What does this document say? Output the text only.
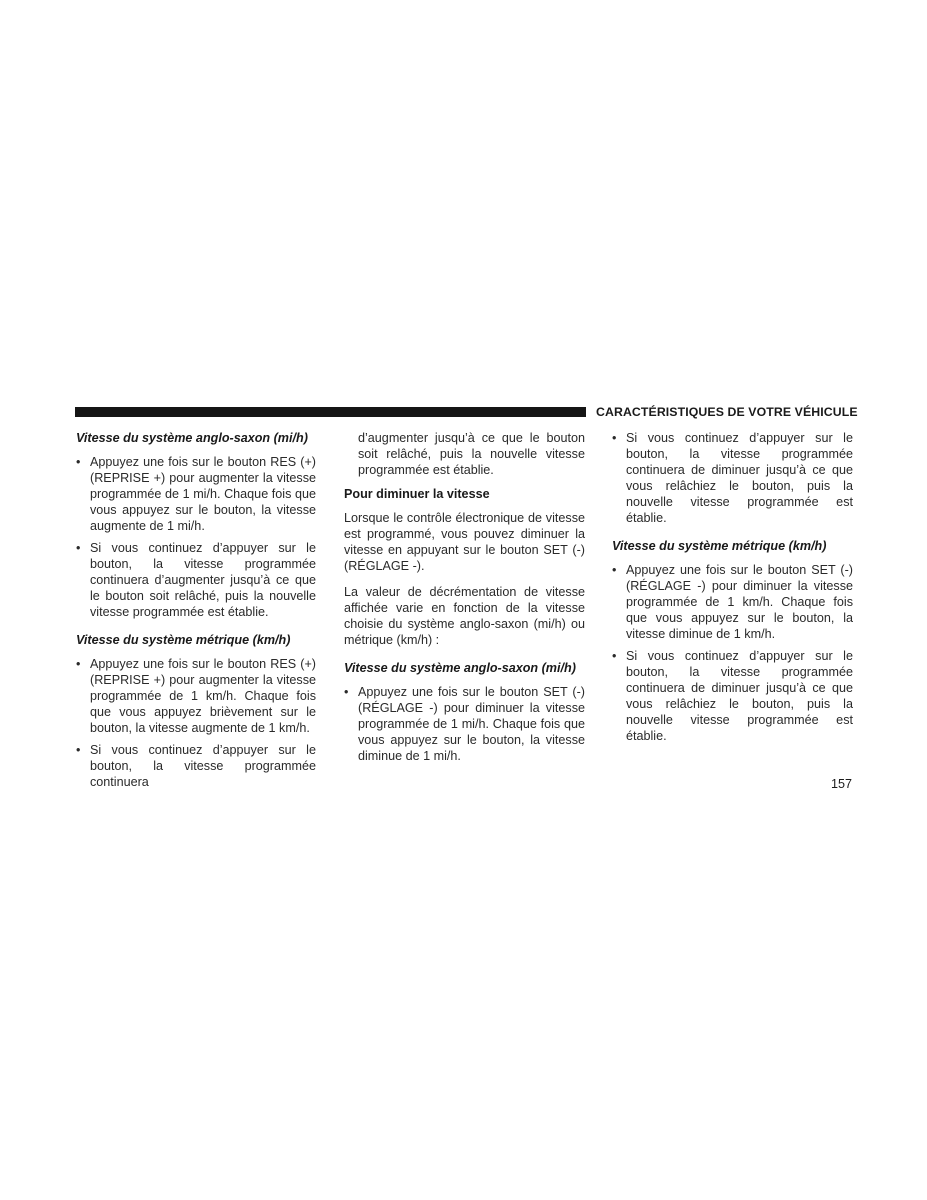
CARACTÉRISTIQUES DE VOTRE VÉHICULE
Vitesse du système anglo-saxon (mi/h)
• Appuyez une fois sur le bouton RES (+) (REPRISE +) pour augmenter la vitesse programmée de 1 mi/h. Chaque fois que vous appuyez sur le bouton, la vitesse augmente de 1 mi/h.
• Si vous continuez d’appuyer sur le bouton, la vitesse programmée continuera d’augmenter jusqu’à ce que le bouton soit relâché, puis la nouvelle vitesse programmée est établie.
Vitesse du système métrique (km/h)
• Appuyez une fois sur le bouton RES (+) (REPRISE +) pour augmenter la vitesse programmée de 1 km/h. Chaque fois que vous appuyez brièvement sur le bouton, la vitesse augmente de 1 km/h.
• Si vous continuez d’appuyer sur le bouton, la vitesse programmée continuera
d’augmenter jusqu’à ce que le bouton soit relâché, puis la nouvelle vitesse programmée est établie.
Pour diminuer la vitesse
Lorsque le contrôle électronique de vitesse est programmé, vous pouvez diminuer la vitesse en appuyant sur le bouton SET (-) (RÉGLAGE -).
La valeur de décrémentation de vitesse affichée varie en fonction de la vitesse choisie du système anglo-saxon (mi/h) ou métrique (km/h) :
Vitesse du système anglo-saxon (mi/h)
• Appuyez une fois sur le bouton SET (-) (RÉGLAGE -) pour diminuer la vitesse programmée de 1 mi/h. Chaque fois que vous appuyez sur le bouton, la vitesse diminue de 1 mi/h.
• Si vous continuez d’appuyer sur le bouton, la vitesse programmée continuera de diminuer jusqu’à ce que vous relâchiez le bouton, puis la nouvelle vitesse programmée est établie.
Vitesse du système métrique (km/h)
• Appuyez une fois sur le bouton SET (-) (RÉGLAGE -) pour diminuer la vitesse programmée de 1 km/h. Chaque fois que vous appuyez sur le bouton, la vitesse diminue de 1 km/h.
• Si vous continuez d’appuyer sur le bouton, la vitesse programmée continuera de diminuer jusqu’à ce que vous relâchiez le bouton, puis la nouvelle vitesse programmée est établie.
157
